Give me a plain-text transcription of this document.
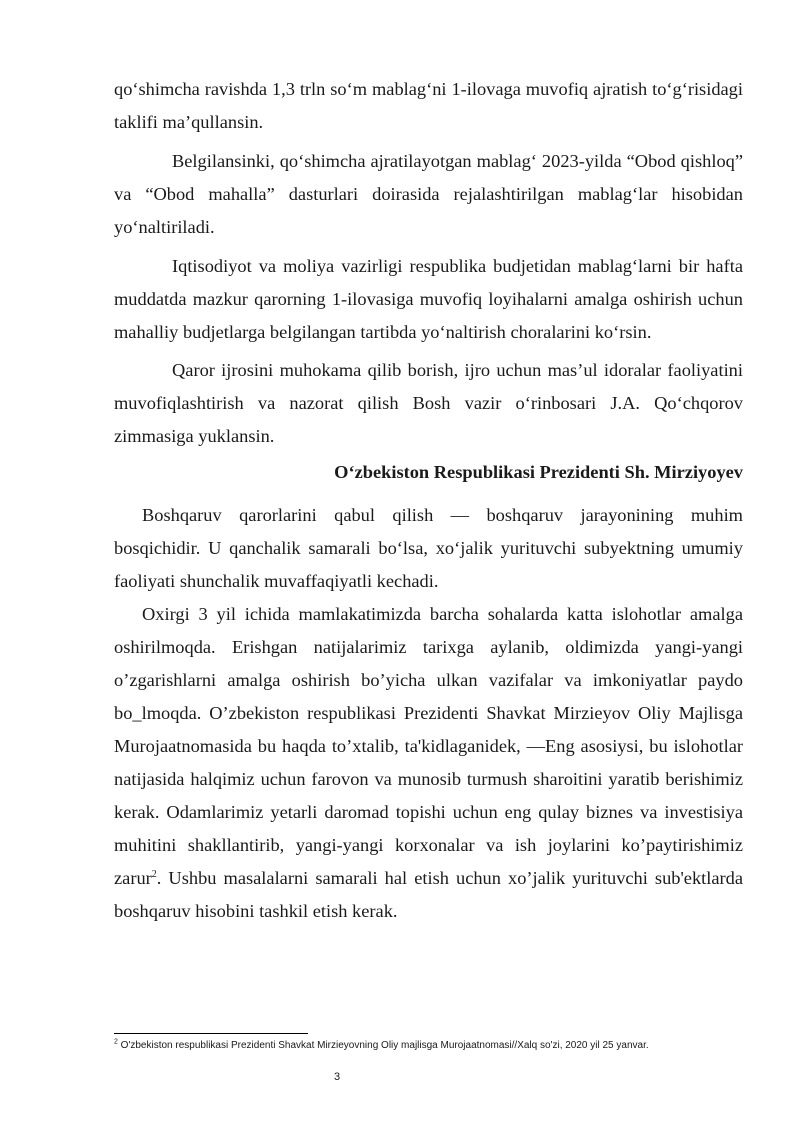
qo‘shimcha ravishda 1,3 trln so‘m mablag‘ni 1-ilovaga muvofiq ajratish to‘g‘risidagi taklifi ma’qullansin.

Belgilansinki, qo‘shimcha ajratilayotgan mablag‘ 2023-yilda “Obod qishloq” va “Obod mahalla” dasturlari doirasida rejalashtirilgan mablag‘lar hisobidan yo‘naltiriladi.

Iqtisodiyot va moliya vazirligi respublika budjetidan mablag‘larni bir hafta muddatda mazkur qarorning 1-ilovasiga muvofiq loyihalarni amalga oshirish uchun mahalliy budjetlarga belgilangan tartibda yo‘naltirish choralarini ko‘rsin.

Qaror ijrosini muhokama qilib borish, ijro uchun mas’ul idoralar faoliyatini muvofiqlashtirish va nazorat qilish Bosh vazir o‘rinbosari J.A. Qo‘chqorov zimmasiga yuklansin.

O‘zbekiston Respublikasi Prezidenti Sh. Mirziyoyev

Boshqaruv qarorlarini qabul qilish — boshqaruv jarayonining muhim bosqichidir. U qanchalik samarali bo‘lsa, xo‘jalik yurituvchi subyektning umumiy faoliyati shunchalik muvaffaqiyatli kechadi.

Oxirgi 3 yil ichida mamlakatimizda barcha sohalarda katta islohotlar amalga oshirilmoqda. Erishgan natijalarimiz tarixga aylanib, oldimizda yangi-yangi o’zgarishlarni amalga oshirish bo’yicha ulkan vazifalar va imkoniyatlar paydo bo_lmoqda. O’zbekiston respublikasi Prezidenti Shavkat Mirzieyov Oliy Majlisga Murojaatnomasida bu haqda to’xtalib, ta'kidlaganidek, —Eng asosiysi, bu islohotlar natijasida halqimiz uchun farovon va munosib turmush sharoitini yaratib berishimiz kerak. Odamlarimiz yetarli daromad topishi uchun eng qulay biznes va investisiya muhitini shakllantirib, yangi-yangi korxonalar va ish joylarini ko’paytirishimiz zarur$^2$. Ushbu masalalarni samarali hal etish uchun xo’jalik yurituvchi sub'ektlarda boshqaruv hisobini tashkil etish kerak.

$^2$ O'zbekiston respublikasi Prezidenti Shavkat Mirzieyovning Oliy majlisga Murojaatnomasi//Xalq so'zi, 2020 yil 25 yanvar.
3
